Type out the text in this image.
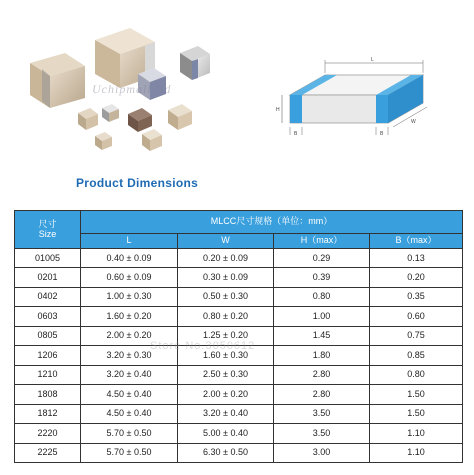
Uchipmall.ltd
L
H
B	B
W
Product Dimensions
尺寸
Size	MLCC尺寸规格（单位：mm）			
	L	W	H（max）	B（max）
01005	0.40 ± 0.09	0.20 ± 0.09	0.29	0.13
0201	0.60 ± 0.09	0.30 ± 0.09	0.39	0.20
0402	1.00 ± 0.30	0.50 ± 0.30	0.80	0.35
0603	1.60 ± 0.20	0.80 ± 0.20	1.00	0.60
0805	2.00 ± 0.20	1.25 ± 0.20	1.45	0.75
1206	3.20 ± 0.30	1.60 ± 0.30	1.80	0.85
1210	3.20 ± 0.40	2.50 ± 0.30	2.80	0.80
1808	4.50 ± 0.40	2.00 ± 0.20	2.80	1.50
1812	4.50 ± 0.40	3.20 ± 0.40	3.50	1.50
2220	5.70 ± 0.50	5.00 ± 0.40	3.50	1.10
2225	5.70 ± 0.50	6.30 ± 0.50	3.00	1.10
Store No.3050612
